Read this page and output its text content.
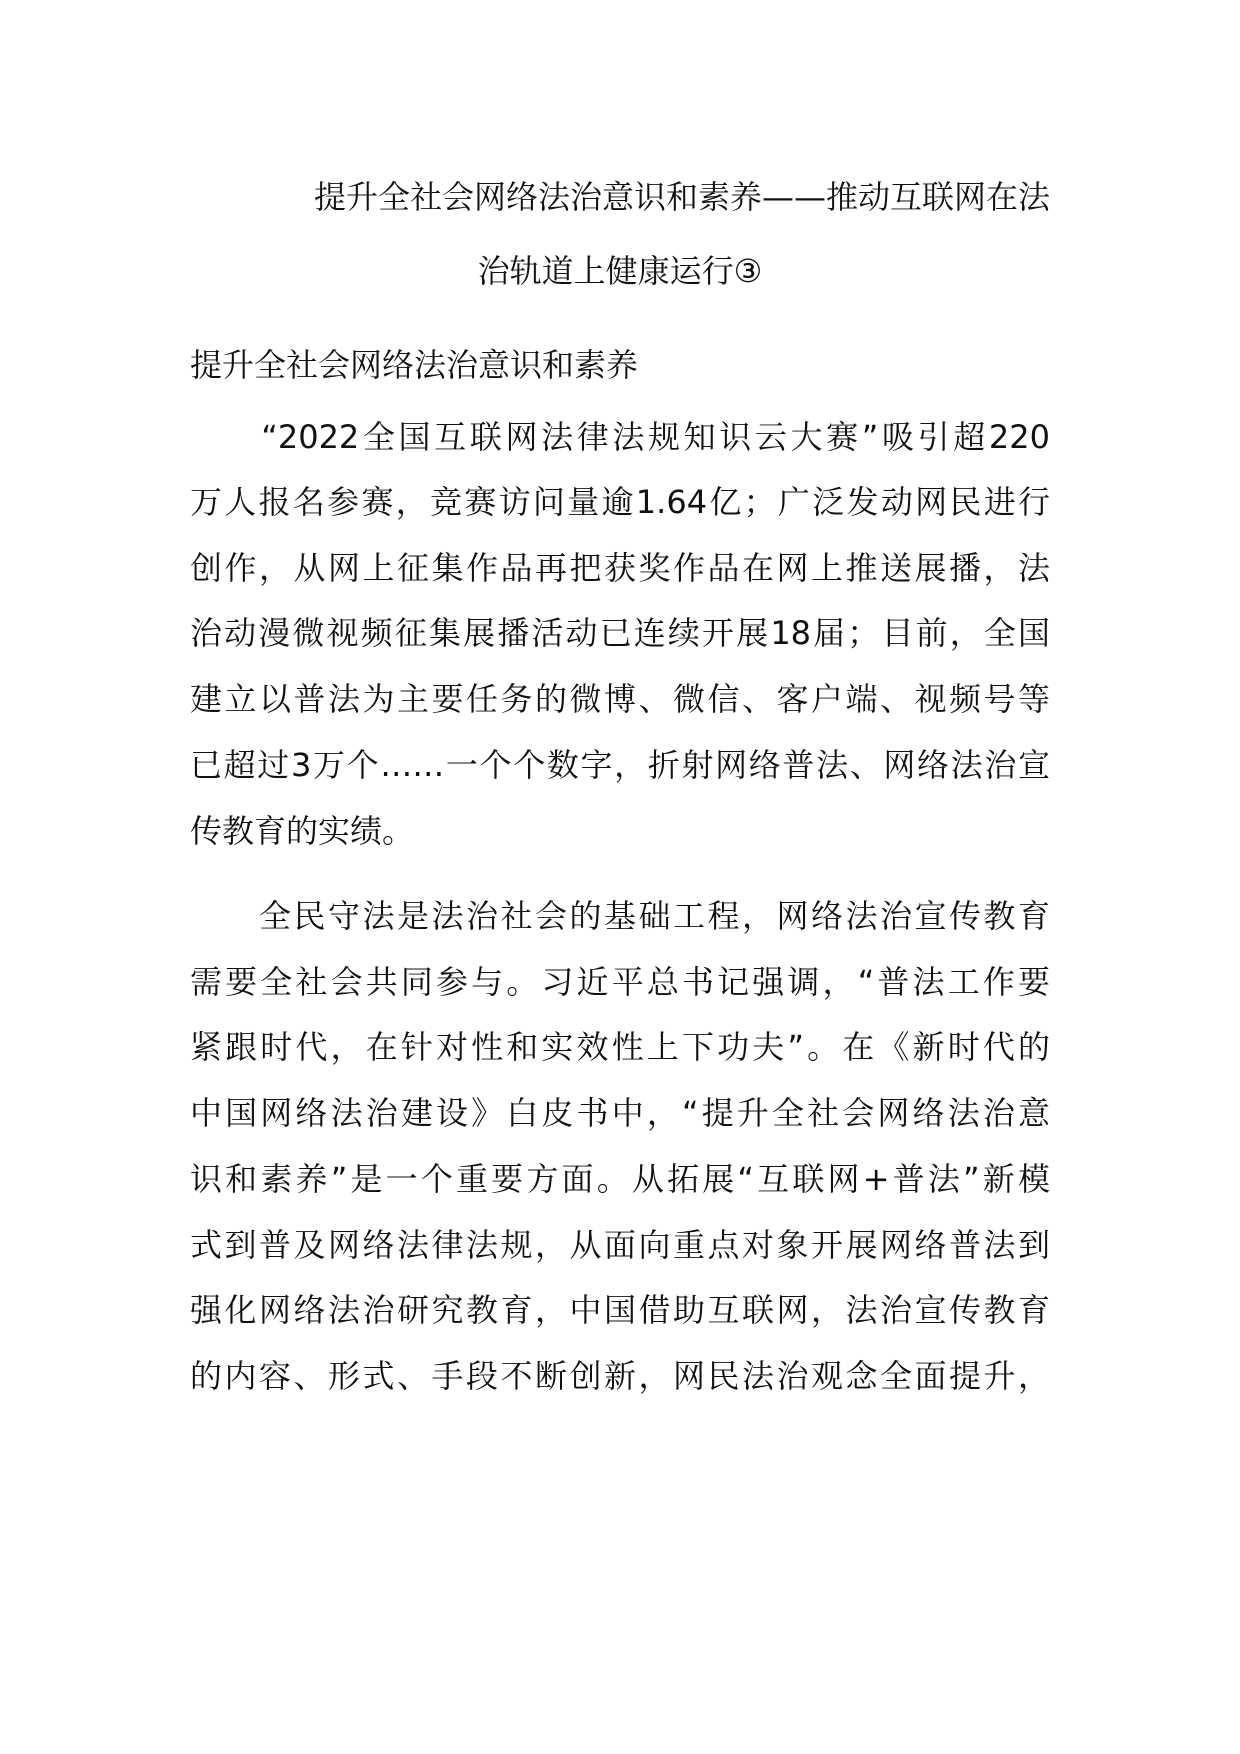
提升全社会网络法治意识和素养——推动互联网在法
治轨道上健康运行③
提升全社会网络法治意识和素养
　　“2022全国互联网法律法规知识云大赛”吸引超220
万人报名参赛，竞赛访问量逾1.64亿；广泛发动网民进行
创作，从网上征集作品再把获奖作品在网上推送展播，法
治动漫微视频征集展播活动已连续开展18届；目前，全国
建立以普法为主要任务的微博、微信、客户端、视频号等
已超过3万个……一个个数字，折射网络普法、网络法治宣
传教育的实绩。
　　全民守法是法治社会的基础工程，网络法治宣传教育
需要全社会共同参与。习近平总书记强调，“普法工作要
紧跟时代，在针对性和实效性上下功夫”。在《新时代的
中国网络法治建设》白皮书中，“提升全社会网络法治意
识和素养”是一个重要方面。从拓展“互联网+普法”新模
式到普及网络法律法规，从面向重点对象开展网络普法到
强化网络法治研究教育，中国借助互联网，法治宣传教育
的内容、形式、手段不断创新，网民法治观念全面提升，
